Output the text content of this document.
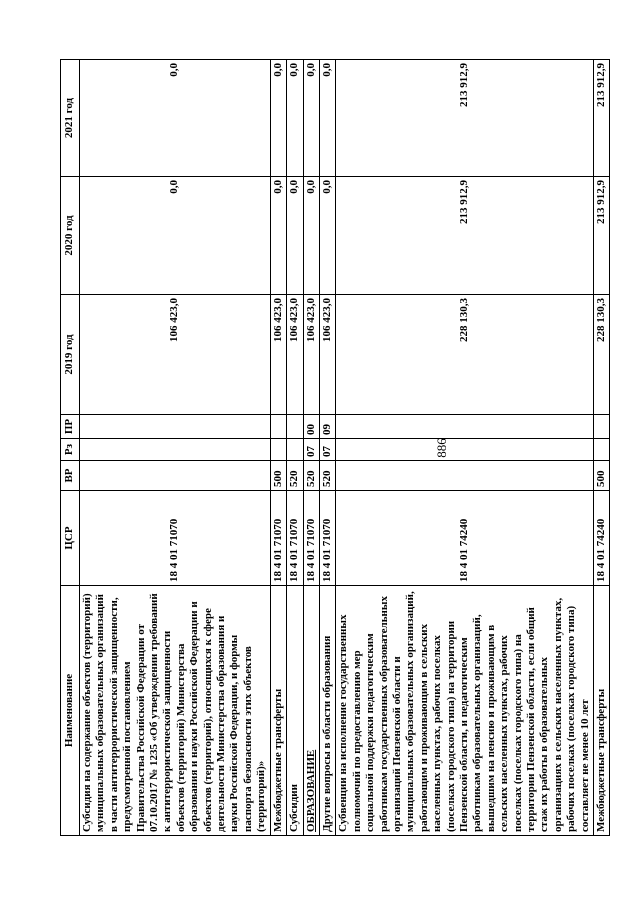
886
Наименование	ЦСР	ВР	Рз	ПР	2019 год	2020 год	2021 год
Субсидия на содержание объектов (территорий) муниципальных образовательных организаций в части антитеррористической защищенности, предусмотренной постановлением Правительства Российской Федерации от 07.10.2017 № 1235 «Об утверждении требований к антитеррористической защищенности объектов (территорий) Министерства образования и науки Российской Федерации и объектов (территорий), относящихся к сфере деятельности Министерства образования и науки Российской Федерации, и формы паспорта безопасности этих объектов (территорий)»	18 4 01 71070				106 423,0	0,0	0,0
Межбюджетные трансферты	18 4 01 71070	500			106 423,0	0,0	0,0
Субсидии	18 4 01 71070	520			106 423,0	0,0	0,0
ОБРАЗОВАНИЕ	18 4 01 71070	520	07	00	106 423,0	0,0	0,0
Другие вопросы в области образования	18 4 01 71070	520	07	09	106 423,0	0,0	0,0
Субвенции на исполнение государственных полномочий по предоставлению мер социальной поддержки педагогическим работникам государственных образовательных организаций Пензенской области и муниципальных образовательных организаций, работающим и проживающим в сельских населенных пунктах, рабочих поселках (поселках городского типа) на территории Пензенской области, и педагогическим работникам образовательных организаций, вышедшим на пенсию и проживающим в сельских населенных пунктах, рабочих поселках (поселках городского типа) на территории Пензенской области, если общий стаж их работы в образовательных организациях в сельских населенных пунктах, рабочих поселках (поселках городского типа) составляет не менее 10 лет	18 4 01 74240				228 130,3	213 912,9	213 912,9
Межбюджетные трансферты	18 4 01 74240	500			228 130,3	213 912,9	213 912,9
